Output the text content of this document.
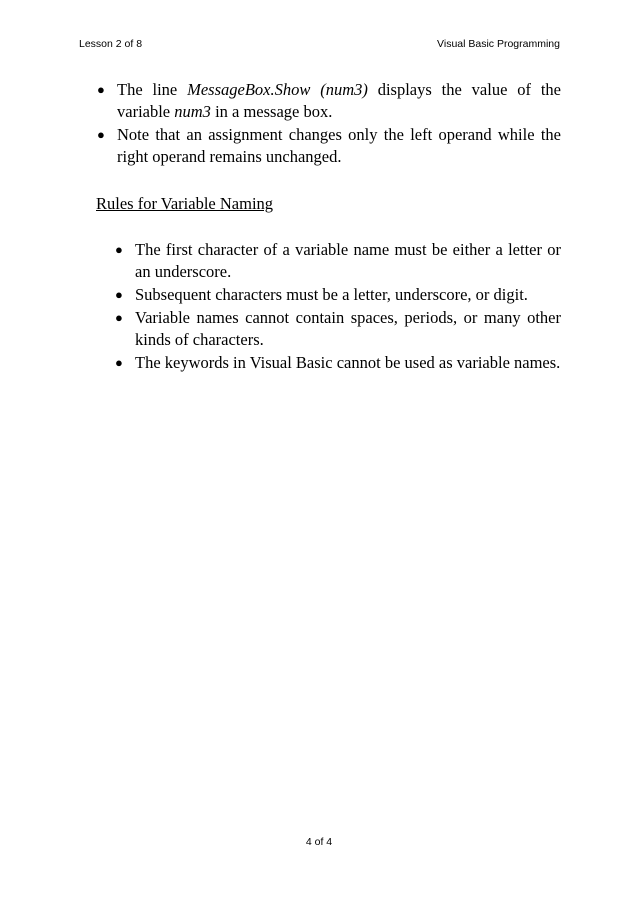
Lesson 2 of 8	Visual Basic Programming
● The line MessageBox.Show (num3) displays the value of the variable num3 in a message box.
● Note that an assignment changes only the left operand while the right operand remains unchanged.
Rules for Variable Naming
● The first character of a variable name must be either a letter or an underscore.
● Subsequent characters must be a letter, underscore, or digit.
● Variable names cannot contain spaces, periods, or many other kinds of characters.
● The keywords in Visual Basic cannot be used as variable names.
4 of 4
